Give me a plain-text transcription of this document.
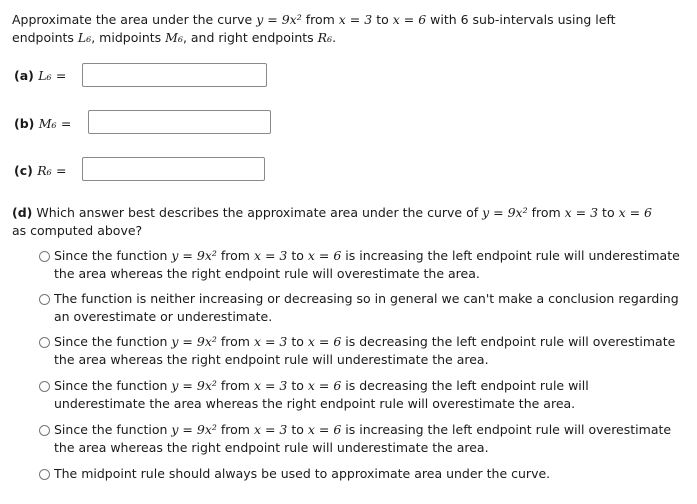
Approximate the area under the curve y = 9x² from x = 3 to x = 6 with 6 sub-intervals using left
endpoints L₆, midpoints M₆, and right endpoints R₆.
(a) L₆ =
(b) M₆ =
(c) R₆ =
(d) Which answer best describes the approximate area under the curve of y = 9x² from x = 3 to x = 6
as computed above?
Since the function y = 9x² from x = 3 to x = 6 is increasing the left endpoint rule will underestimate the area whereas the right endpoint rule will overestimate the area.
The function is neither increasing or decreasing so in general we can't make a conclusion regarding an overestimate or underestimate.
Since the function y = 9x² from x = 3 to x = 6 is decreasing the left endpoint rule will overestimate the area whereas the right endpoint rule will underestimate the area.
Since the function y = 9x² from x = 3 to x = 6 is decreasing the left endpoint rule will underestimate the area whereas the right endpoint rule will overestimate the area.
Since the function y = 9x² from x = 3 to x = 6 is increasing the left endpoint rule will overestimate the area whereas the right endpoint rule will underestimate the area.
The midpoint rule should always be used to approximate area under the curve.
